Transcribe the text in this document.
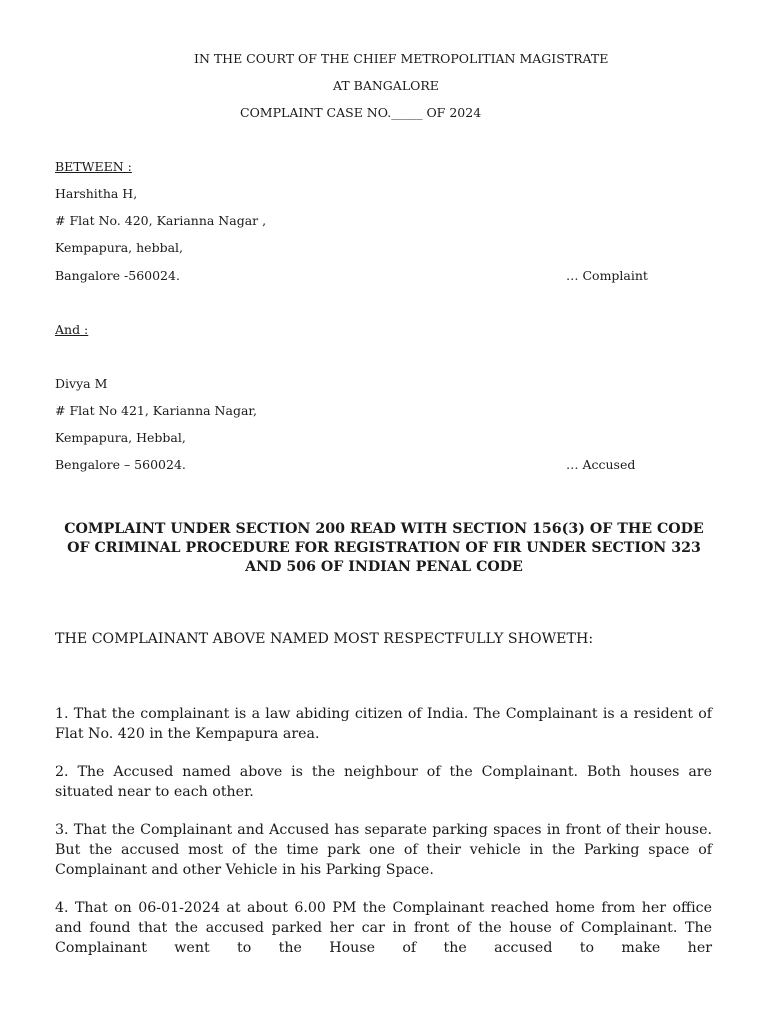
IN THE COURT OF THE CHIEF METROPOLITIAN MAGISTRATE
AT BANGALORE
COMPLAINT CASE NO._____ OF 2024
BETWEEN :
Harshitha H,
# Flat No. 420, Karianna Nagar ,
Kempapura, hebbal,
Bangalore -560024.	… Complaint
And :
Divya M
# Flat No 421, Karianna Nagar,
Kempapura, Hebbal,
Bengalore – 560024.	… Accused
COMPLAINT UNDER SECTION 200 READ WITH SECTION 156(3) OF THE CODE
OF CRIMINAL PROCEDURE FOR REGISTRATION OF FIR UNDER SECTION 323
AND 506 OF INDIAN PENAL CODE
THE COMPLAINANT ABOVE NAMED MOST RESPECTFULLY SHOWETH:
1. That the complainant is a law abiding citizen of India. The Complainant is a resident of Flat No. 420 in the Kempapura area.
2. The Accused named above is the neighbour of the Complainant. Both houses are situated near to each other.
3. That the Complainant and Accused has separate parking spaces in front of their house. But the accused most of the time park one of their vehicle in the Parking space of Complainant and other Vehicle in his Parking Space.
4. That on 06-01-2024 at about 6.00 PM the Complainant reached home from her office and found that the accused parked her car in front of the house of Complainant. The Complainant went to the House of the accused to make her
